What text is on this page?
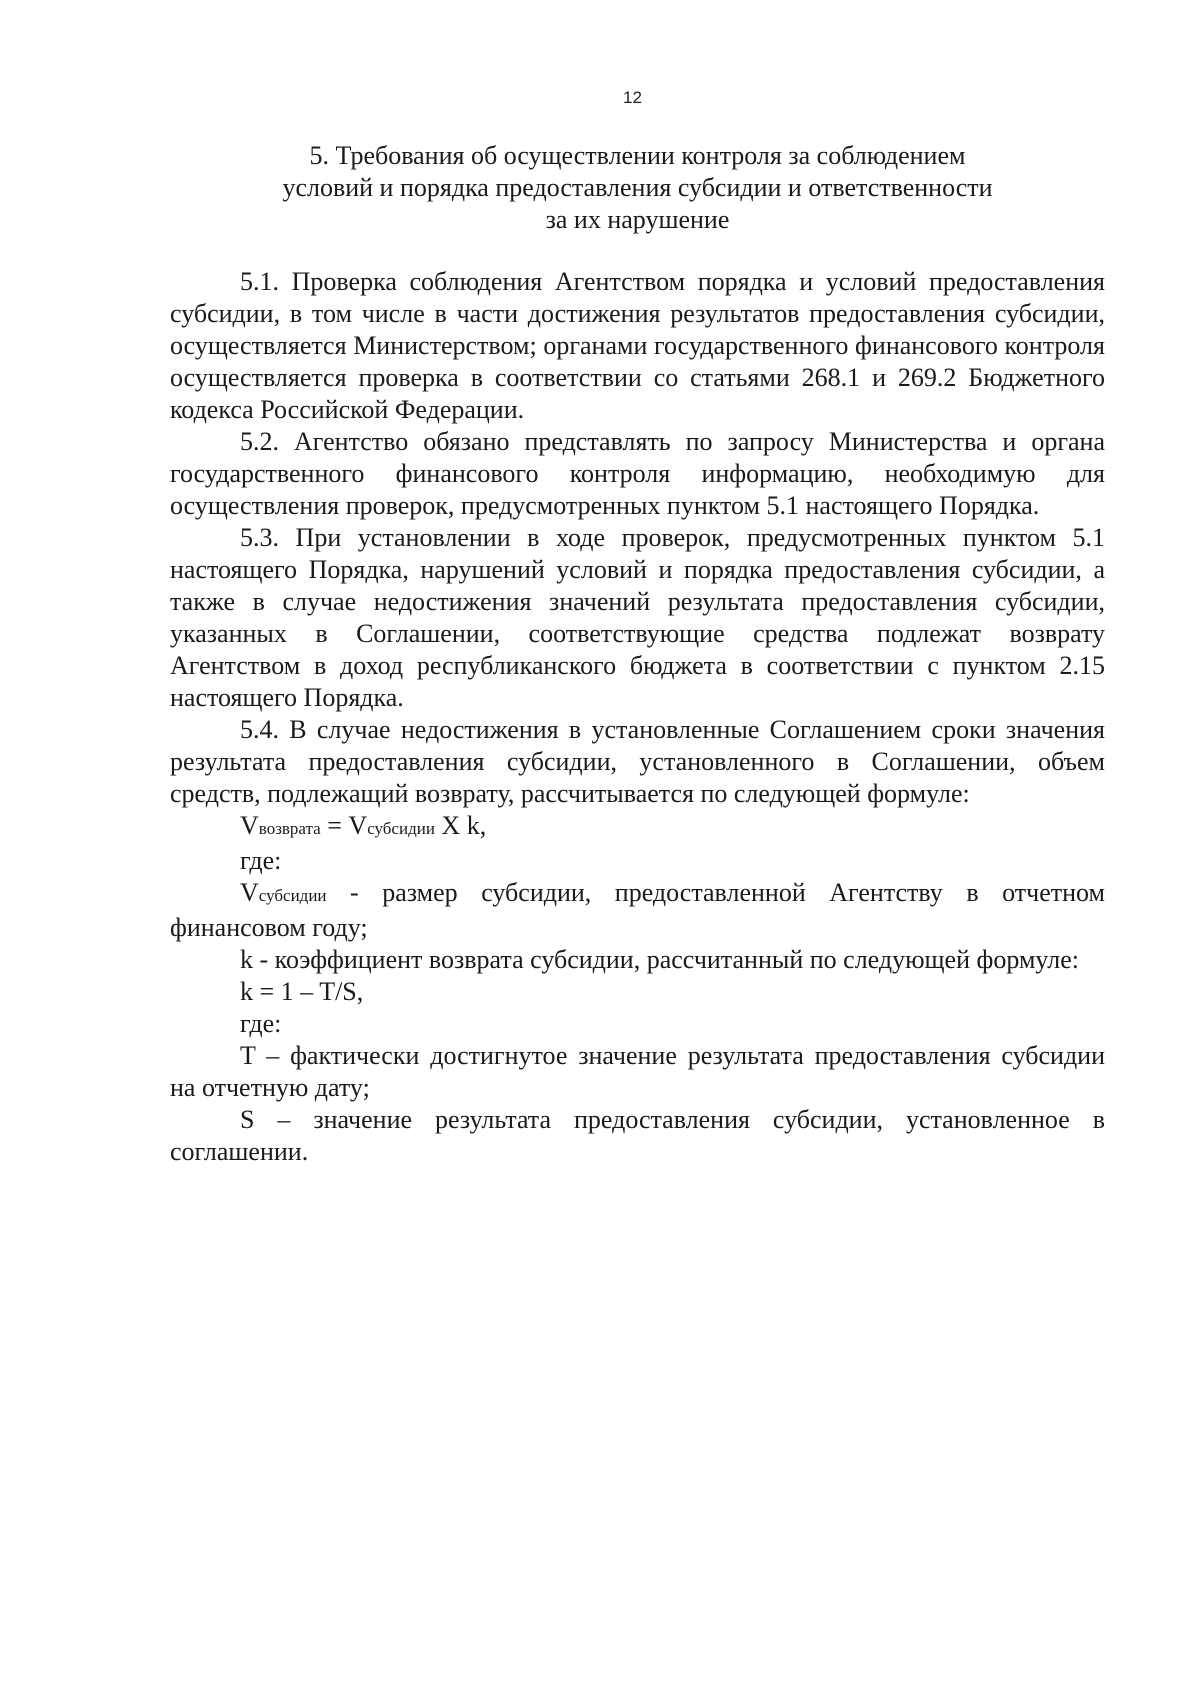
12
5. Требования об осуществлении контроля за соблюдением
условий и порядка предоставления субсидии и ответственности
за их нарушение

5.1. Проверка соблюдения Агентством порядка и условий предоставления субсидии, в том числе в части достижения результатов предоставления субсидии, осуществляется Министерством; органами государственного финансового контроля осуществляется проверка в соответствии со статьями 268.1 и 269.2 Бюджетного кодекса Российской Федерации.

5.2. Агентство обязано представлять по запросу Министерства и органа государственного финансового контроля информацию, необходимую для осуществления проверок, предусмотренных пунктом 5.1 настоящего Порядка.

5.3. При установлении в ходе проверок, предусмотренных пунктом 5.1 настоящего Порядка, нарушений условий и порядка предоставления субсидии, а также в случае недостижения значений результата предоставления субсидии, указанных в Соглашении, соответствующие средства подлежат возврату Агентством в доход республиканского бюджета в соответствии с пунктом 2.15 настоящего Порядка.

5.4. В случае недостижения в установленные Соглашением сроки значения результата предоставления субсидии, установленного в Соглашении, объем средств, подлежащий возврату, рассчитывается по следующей формуле:

Vвозврата = Vсубсидии X k,
где:

Vсубсидии - размер субсидии, предоставленной Агентству в отчетном финансовом году;

k - коэффициент возврата субсидии, рассчитанный по следующей формуле:

k = 1 – T/S,
где:

T – фактически достигнутое значение результата предоставления субсидии на отчетную дату;

S – значение результата предоставления субсидии, установленное в соглашении.
